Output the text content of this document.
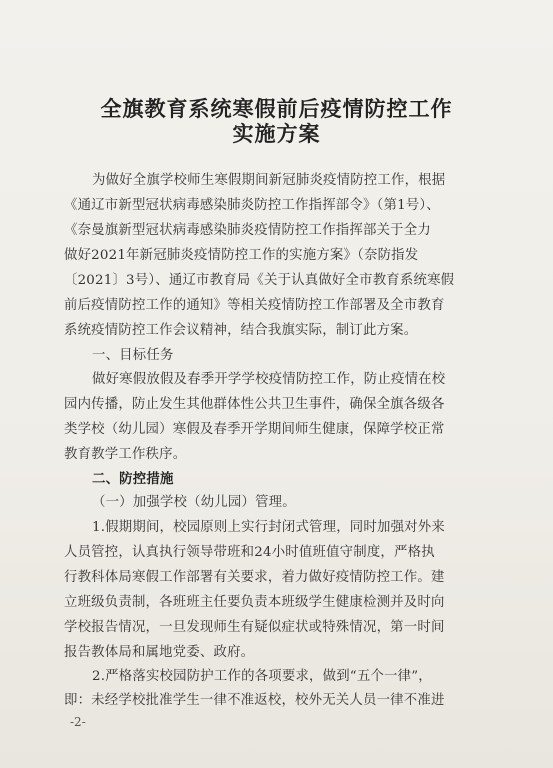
全旗教育系统寒假前后疫情防控工作
实施方案
为做好全旗学校师生寒假期间新冠肺炎疫情防控工作，根据
《通辽市新型冠状病毒感染肺炎防控工作指挥部令》（第1号）、
《奈曼旗新型冠状病毒感染肺炎疫情防控工作指挥部关于全力
做好2021年新冠肺炎疫情防控工作的实施方案》（奈防指发
〔2021〕3号）、通辽市教育局《关于认真做好全市教育系统寒假
前后疫情防控工作的通知》等相关疫情防控工作部署及全市教育
系统疫情防控工作会议精神，结合我旗实际，制订此方案。
一、目标任务
做好寒假放假及春季开学学校疫情防控工作，防止疫情在校
园内传播，防止发生其他群体性公共卫生事件，确保全旗各级各
类学校（幼儿园）寒假及春季开学期间师生健康，保障学校正常
教育教学工作秩序。
二、防控措施
（一）加强学校（幼儿园）管理。
1.假期期间，校园原则上实行封闭式管理，同时加强对外来
人员管控，认真执行领导带班和24小时值班值守制度，严格执
行教科体局寒假工作部署有关要求，着力做好疫情防控工作。建
立班级负责制，各班班主任要负责本班级学生健康检测并及时向
学校报告情况，一旦发现师生有疑似症状或特殊情况，第一时间
报告教体局和属地党委、政府。
2.严格落实校园防护工作的各项要求，做到“五个一律”，
即：未经学校批准学生一律不准返校，校外无关人员一律不准进
-2-
